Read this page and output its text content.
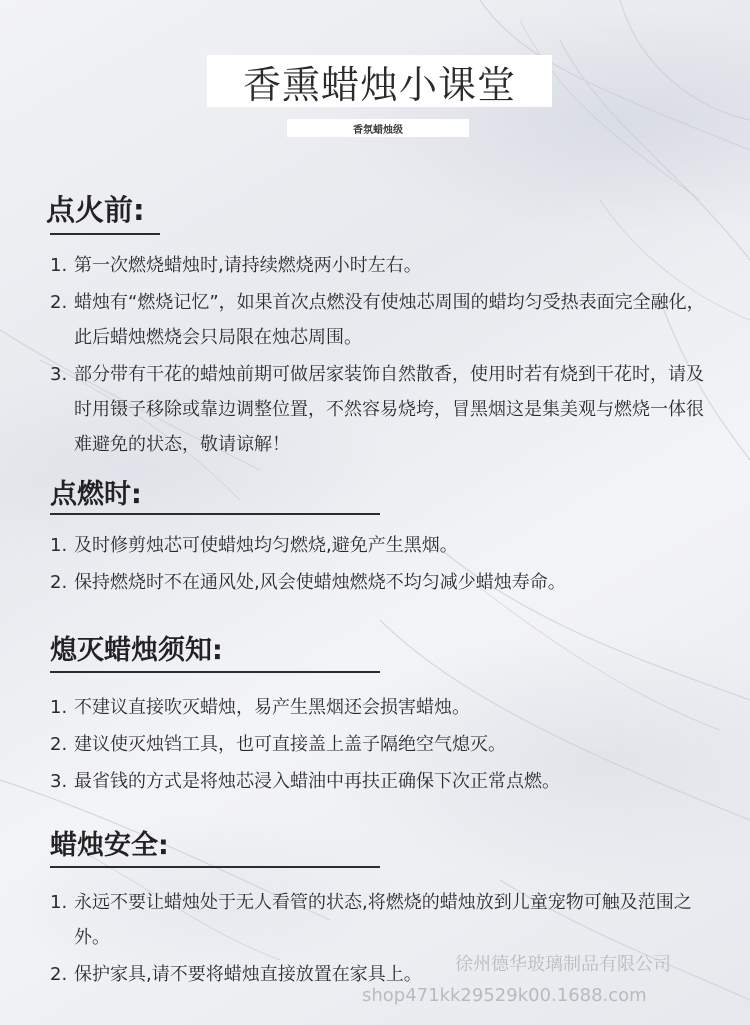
香熏蜡烛小课堂
香氛蜡烛级
点火前:
1. 第一次燃烧蜡烛时,请持续燃烧两小时左右。
2. 蜡烛有“燃烧记忆”，如果首次点燃没有使烛芯周围的蜡均匀受热表面完全融化，此后蜡烛燃烧会只局限在烛芯周围。
3. 部分带有干花的蜡烛前期可做居家装饰自然散香，使用时若有烧到干花时，请及时用镊子移除或靠边调整位置，不然容易烧垮，冒黑烟这是集美观与燃烧一体很难避免的状态，敬请谅解！
点燃时:
1. 及时修剪烛芯可使蜡烛均匀燃烧,避免产生黑烟。
2. 保持燃烧时不在通风处,风会使蜡烛燃烧不均匀减少蜡烛寿命。
熄灭蜡烛须知:
1. 不建议直接吹灭蜡烛，易产生黑烟还会损害蜡烛。
2. 建议使灭烛铛工具，也可直接盖上盖子隔绝空气熄灭。
3. 最省钱的方式是将烛芯浸入蜡油中再扶正确保下次正常点燃。
蜡烛安全:
1. 永远不要让蜡烛处于无人看管的状态,将燃烧的蜡烛放到儿童宠物可触及范围之外。
2. 保护家具,请不要将蜡烛直接放置在家具上。	徐州德华玻璃制品有限公司
shop471kk29529k00.1688.com
